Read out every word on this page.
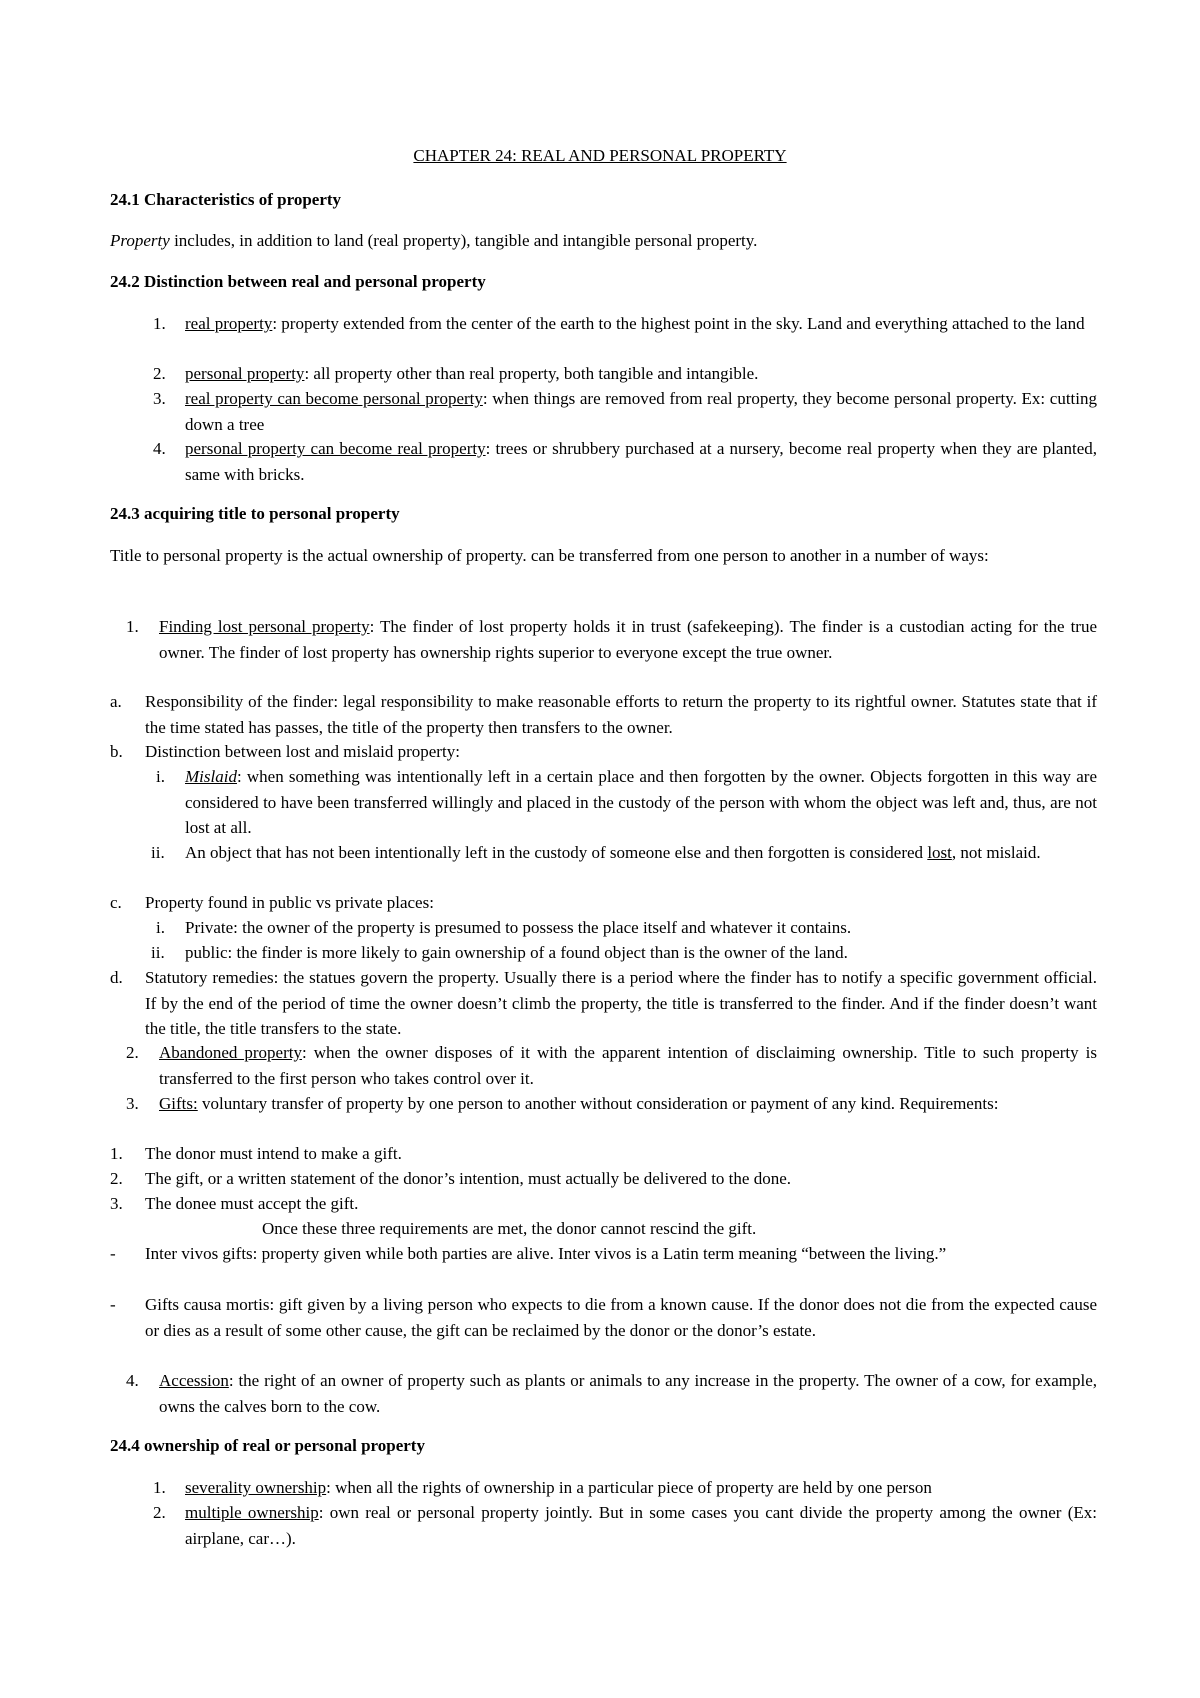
CHAPTER 24: REAL AND PERSONAL PROPERTY
24.1 Characteristics of property
Property includes, in addition to land (real property), tangible and intangible personal property.
24.2 Distinction between real and personal property
1. real property: property extended from the center of the earth to the highest point in the sky. Land and everything attached to the land
2. personal property: all property other than real property, both tangible and intangible.
3. real property can become personal property: when things are removed from real property, they become personal property. Ex: cutting down a tree
4. personal property can become real property: trees or shrubbery purchased at a nursery, become real property when they are planted, same with bricks.
24.3 acquiring title to personal property
Title to personal property is the actual ownership of property. can be transferred from one person to another in a number of ways:
1. Finding lost personal property: The finder of lost property holds it in trust (safekeeping). The finder is a custodian acting for the true owner. The finder of lost property has ownership rights superior to everyone except the true owner.
a. Responsibility of the finder: legal responsibility to make reasonable efforts to return the property to its rightful owner. Statutes state that if the time stated has passes, the title of the property then transfers to the owner.
b. Distinction between lost and mislaid property:
i. Mislaid: when something was intentionally left in a certain place and then forgotten by the owner. Objects forgotten in this way are considered to have been transferred willingly and placed in the custody of the person with whom the object was left and, thus, are not lost at all.
ii. An object that has not been intentionally left in the custody of someone else and then forgotten is considered lost, not mislaid.
c. Property found in public vs private places:
i. Private: the owner of the property is presumed to possess the place itself and whatever it contains.
ii. public: the finder is more likely to gain ownership of a found object than is the owner of the land.
d. Statutory remedies: the statues govern the property. Usually there is a period where the finder has to notify a specific government official. If by the end of the period of time the owner doesn’t climb the property, the title is transferred to the finder. And if the finder doesn’t want the title, the title transfers to the state.
2. Abandoned property: when the owner disposes of it with the apparent intention of disclaiming ownership. Title to such property is transferred to the first person who takes control over it.
3. Gifts: voluntary transfer of property by one person to another without consideration or payment of any kind. Requirements:
1. The donor must intend to make a gift.
2. The gift, or a written statement of the donor’s intention, must actually be delivered to the done.
3. The donee must accept the gift.
Once these three requirements are met, the donor cannot rescind the gift.
- Inter vivos gifts: property given while both parties are alive. Inter vivos is a Latin term meaning “between the living.”
- Gifts causa mortis: gift given by a living person who expects to die from a known cause. If the donor does not die from the expected cause or dies as a result of some other cause, the gift can be reclaimed by the donor or the donor’s estate.
4. Accession: the right of an owner of property such as plants or animals to any increase in the property. The owner of a cow, for example, owns the calves born to the cow.
24.4 ownership of real or personal property
1. severality ownership: when all the rights of ownership in a particular piece of property are held by one person
2. multiple ownership: own real or personal property jointly. But in some cases you cant divide the property among the owner (Ex: airplane, car…).
